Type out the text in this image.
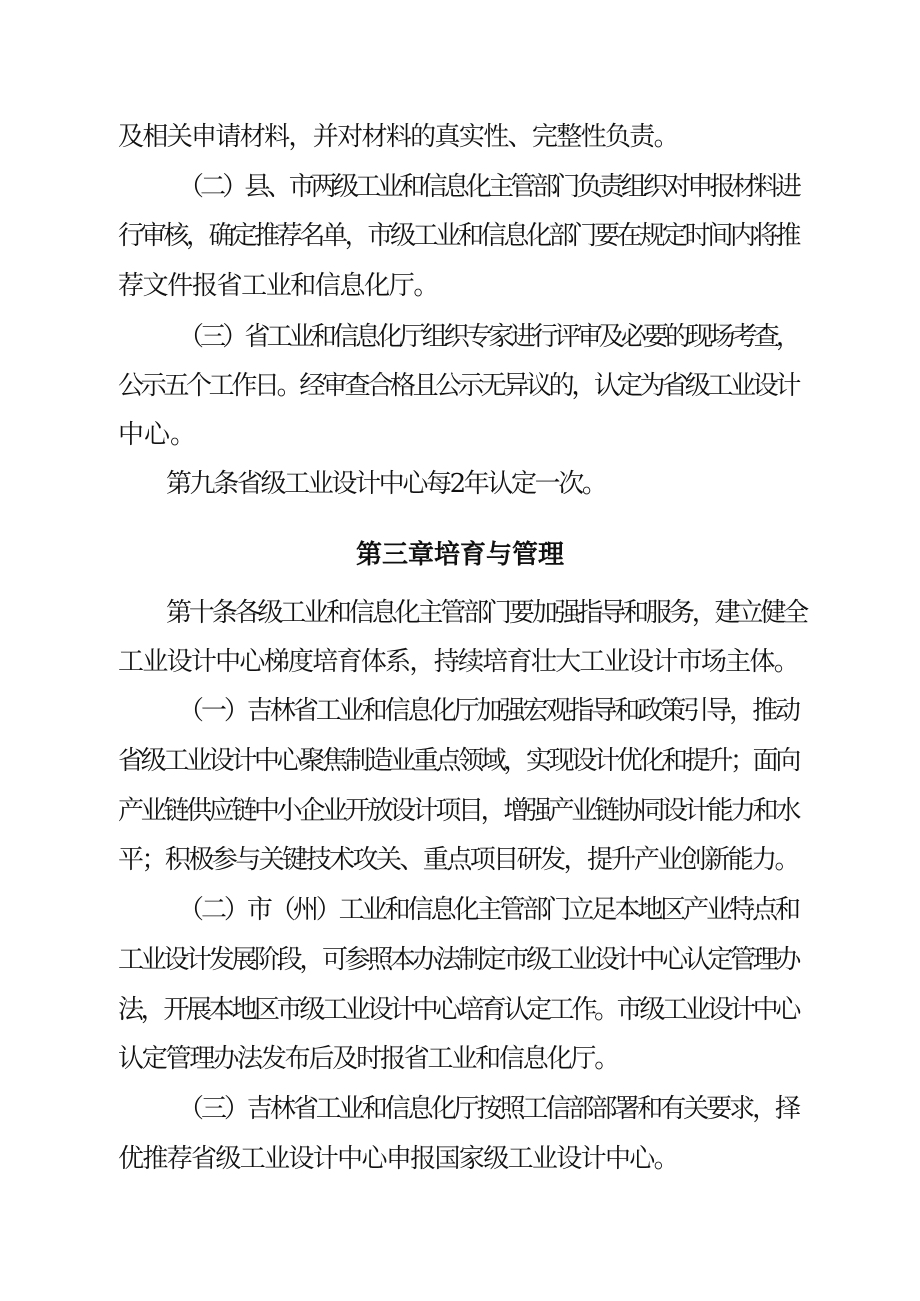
及相关申请材料，并对材料的真实性、完整性负责。
（二）县、市两级工业和信息化主管部门负责组织对申报材料进
行审核，确定推荐名单，市级工业和信息化部门要在规定时间内将推
荐文件报省工业和信息化厅。
（三）省工业和信息化厅组织专家进行评审及必要的现场考查，
公示五个工作日。经审查合格且公示无异议的，认定为省级工业设计
中心。
第九条省级工业设计中心每2年认定一次。
第三章培育与管理
第十条各级工业和信息化主管部门要加强指导和服务，建立健全
工业设计中心梯度培育体系，持续培育壮大工业设计市场主体。
（一）吉林省工业和信息化厅加强宏观指导和政策引导，推动
省级工业设计中心聚焦制造业重点领域，实现设计优化和提升；面向
产业链供应链中小企业开放设计项目，增强产业链协同设计能力和水
平；积极参与关键技术攻关、重点项目研发，提升产业创新能力。
（二）市（州）工业和信息化主管部门立足本地区产业特点和
工业设计发展阶段，可参照本办法制定市级工业设计中心认定管理办
法，开展本地区市级工业设计中心培育认定工作。市级工业设计中心
认定管理办法发布后及时报省工业和信息化厅。
（三）吉林省工业和信息化厅按照工信部部署和有关要求，择
优推荐省级工业设计中心申报国家级工业设计中心。
